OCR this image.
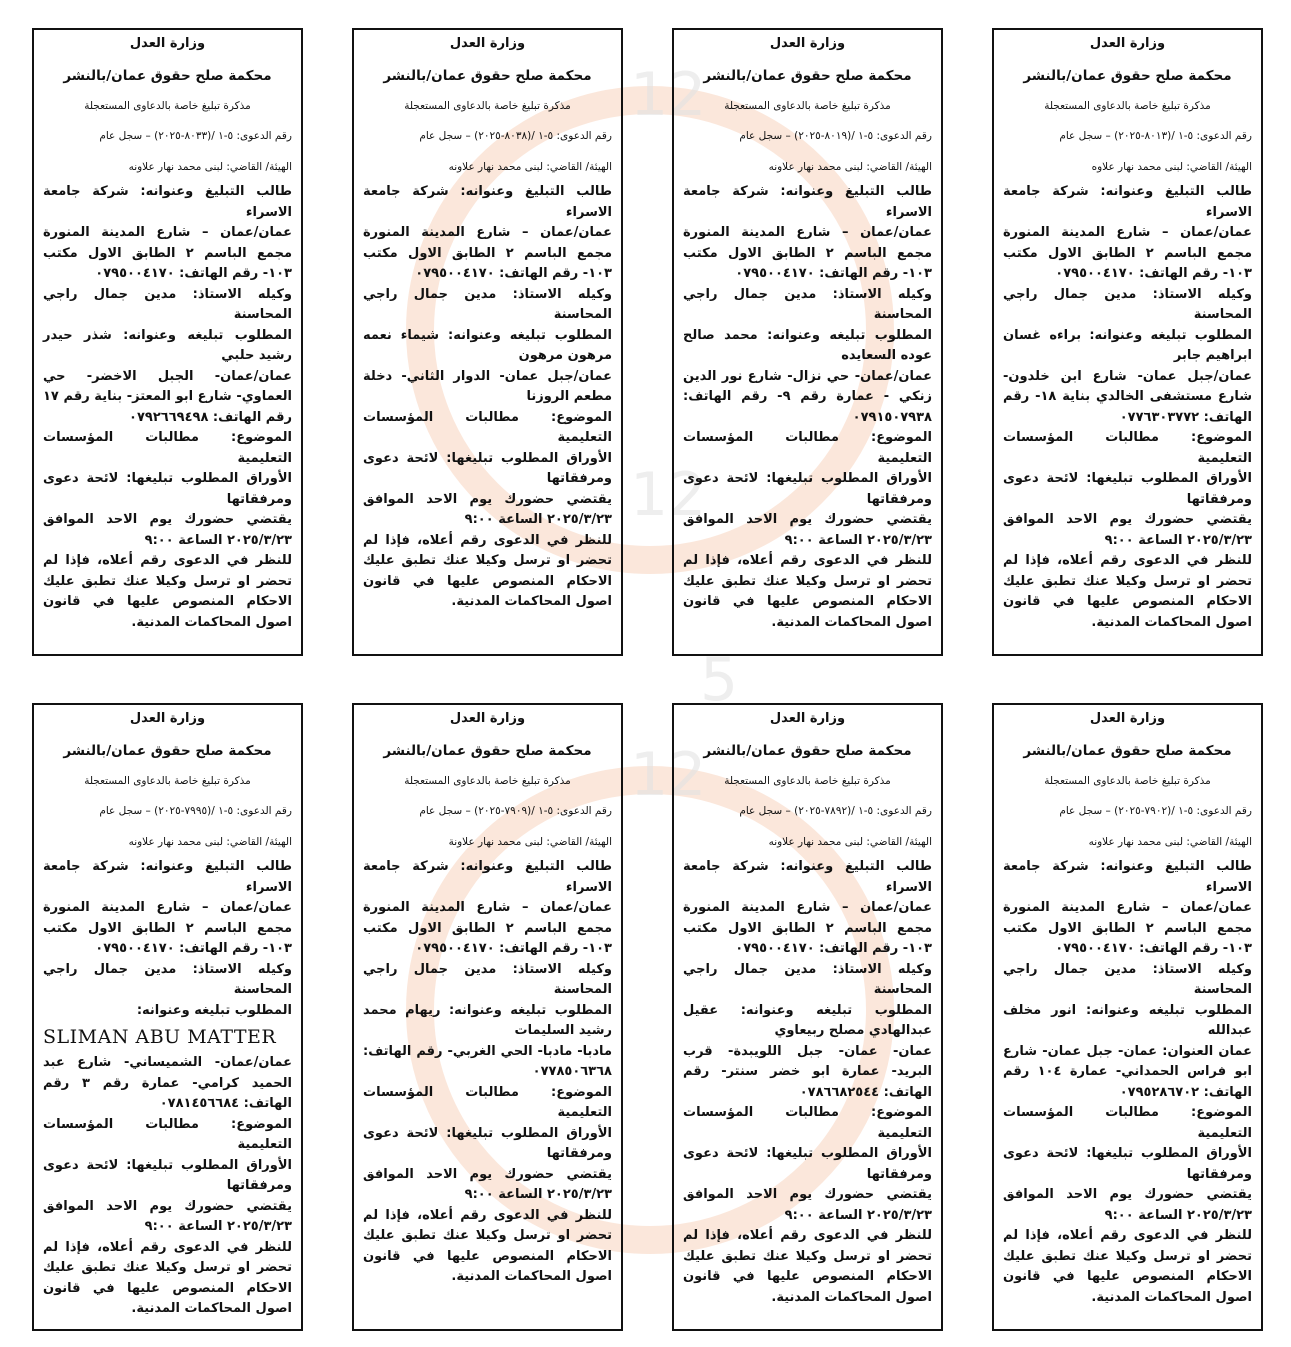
12
12
12
5
وزارة العدل
محكمة صلح حقوق عمان/بالنشر
مذكرة تبليغ خاصة بالدعاوى المستعجلة
رقم الدعوى: ٥-١ /(٨٠١٣-٢٠٢٥) – سجل عام
الهيئة/ القاضي: لبنى محمد نهار علاوه

طالب التبليغ وعنوانه: شركة جامعة الاسراء

عمان/عمان – شارع المدينة المنورة مجمع الباسم ٢ الطابق الاول مكتب ١٠٣- رقم الهاتف: ٠٧٩٥٠٠٤١٧٠

وكيله الاستاذ: مدين جمال راجي المحاسنة

المطلوب تبليغه وعنوانه: براءه غسان ابراهيم جابر

عمان/جبل عمان- شارع ابن خلدون- شارع مستشفى الخالدي بناية ١٨- رقم الهاتف: ٠٧٧٦٣٠٣٧٧٢

الموضوع: مطالبات المؤسسات التعليمية

الأوراق المطلوب تبليغها: لائحة دعوى ومرفقاتها

يقتضي حضورك يوم الاحد الموافق ٢٠٢٥/٣/٢٣ الساعة ٩:٠٠

للنظر في الدعوى رقم أعلاه، فإذا لم تحضر او ترسل وكيلا عنك تطبق عليك الاحكام المنصوص عليها في قانون اصول المحاكمات المدنية.

وزارة العدل
محكمة صلح حقوق عمان/بالنشر
مذكرة تبليغ خاصة بالدعاوى المستعجلة
رقم الدعوى: ٥-١ /(٨٠١٩-٢٠٢٥) – سجل عام
الهيئة/ القاضي: لبنى محمد نهار علاونه

طالب التبليغ وعنوانه: شركة جامعة الاسراء

عمان/عمان – شارع المدينة المنورة مجمع الباسم ٢ الطابق الاول مكتب ١٠٣- رقم الهاتف: ٠٧٩٥٠٠٤١٧٠

وكيله الاستاذ: مدين جمال راجي المحاسنة

المطلوب تبليغه وعنوانه: محمد صالح عوده السعايده

عمان/عمان- حي نزال- شارع نور الدين زنكي - عمارة رقم ٩- رقم الهاتف: ٠٧٩١٥٠٧٩٣٨

الموضوع: مطالبات المؤسسات التعليمية

الأوراق المطلوب تبليغها: لائحة دعوى ومرفقاتها

يقتضي حضورك يوم الاحد الموافق ٢٠٢٥/٣/٢٣ الساعة ٩:٠٠

للنظر في الدعوى رقم أعلاه، فإذا لم تحضر او ترسل وكيلا عنك تطبق عليك الاحكام المنصوص عليها في قانون اصول المحاكمات المدنية.

وزارة العدل
محكمة صلح حقوق عمان/بالنشر
مذكرة تبليغ خاصة بالدعاوى المستعجلة
رقم الدعوى: ٥-١ /(٨٠٣٨-٢٠٢٥) – سجل عام
الهيئة/ القاضي: لبنى محمد نهار علاونه

طالب التبليغ وعنوانه: شركة جامعة الاسراء

عمان/عمان – شارع المدينة المنورة مجمع الباسم ٢ الطابق الاول مكتب ١٠٣- رقم الهاتف: ٠٧٩٥٠٠٤١٧٠

وكيله الاستاذ: مدين جمال راجي المحاسنة

المطلوب تبليغه وعنوانه: شيماء نعمه مرهون مرهون

عمان/جبل عمان- الدوار الثاني- دخلة مطعم الروزنا

الموضوع: مطالبات المؤسسات التعليمية

الأوراق المطلوب تبليغها: لائحة دعوى ومرفقاتها

يقتضي حضورك يوم الاحد الموافق ٢٠٢٥/٣/٢٣ الساعة ٩:٠٠

للنظر في الدعوى رقم أعلاه، فإذا لم تحضر او ترسل وكيلا عنك تطبق عليك الاحكام المنصوص عليها في قانون اصول المحاكمات المدنية.

وزارة العدل
محكمة صلح حقوق عمان/بالنشر
مذكرة تبليغ خاصة بالدعاوى المستعجلة
رقم الدعوى: ٥-١ /(٨٠٣٣-٢٠٢٥) – سجل عام
الهيئة/ القاضي: لبنى محمد نهار علاونه

طالب التبليغ وعنوانه: شركة جامعة الاسراء

عمان/عمان – شارع المدينة المنورة مجمع الباسم ٢ الطابق الاول مكتب ١٠٣- رقم الهاتف: ٠٧٩٥٠٠٤١٧٠

وكيله الاستاذ: مدين جمال راجي المحاسنة

المطلوب تبليغه وعنوانه: شذر حيدر رشيد حلبي

عمان/عمان- الجبل الاخضر- حي العماوي- شارع ابو المعتز- بناية رقم ١٧ رقم الهاتف: ٠٧٩٢٦٦٩٤٩٨

الموضوع: مطالبات المؤسسات التعليمية

الأوراق المطلوب تبليغها: لائحة دعوى ومرفقاتها

يقتضي حضورك يوم الاحد الموافق ٢٠٢٥/٣/٢٣ الساعة ٩:٠٠

للنظر في الدعوى رقم أعلاه، فإذا لم تحضر او ترسل وكيلا عنك تطبق عليك الاحكام المنصوص عليها في قانون اصول المحاكمات المدنية.

وزارة العدل
محكمة صلح حقوق عمان/بالنشر
مذكرة تبليغ خاصة بالدعاوى المستعجلة
رقم الدعوى: ٥-١ /(٧٩٠٢-٢٠٢٥) – سجل عام
الهيئة/ القاضي: لبنى محمد نهار علاونه

طالب التبليغ وعنوانه: شركة جامعة الاسراء

عمان/عمان – شارع المدينة المنورة مجمع الباسم ٢ الطابق الاول مكتب ١٠٣- رقم الهاتف: ٠٧٩٥٠٠٤١٧٠

وكيله الاستاذ: مدين جمال راجي المحاسنة

المطلوب تبليغه وعنوانه: انور مخلف عبدالله

عمان العنوان: عمان- جبل عمان- شارع ابو فراس الحمداني- عمارة ١٠٤ رقم الهاتف: ٠٧٩٥٢٨٦٧٠٢

الموضوع: مطالبات المؤسسات التعليمية

الأوراق المطلوب تبليغها: لائحة دعوى ومرفقاتها

يقتضي حضورك يوم الاحد الموافق ٢٠٢٥/٣/٢٣ الساعة ٩:٠٠

للنظر في الدعوى رقم أعلاه، فإذا لم تحضر او ترسل وكيلا عنك تطبق عليك الاحكام المنصوص عليها في قانون اصول المحاكمات المدنية.

وزارة العدل
محكمة صلح حقوق عمان/بالنشر
مذكرة تبليغ خاصة بالدعاوى المستعجلة
رقم الدعوى: ٥-١ /(٧٨٩٢-٢٠٢٥) – سجل عام
الهيئة/ القاضي: لبنى محمد نهار علاونه

طالب التبليغ وعنوانه: شركة جامعة الاسراء

عمان/عمان – شارع المدينة المنورة مجمع الباسم ٢ الطابق الاول مكتب ١٠٣- رقم الهاتف: ٠٧٩٥٠٠٤١٧٠

وكيله الاستاذ: مدين جمال راجي المحاسنة

المطلوب تبليغه وعنوانه: عقيل عبدالهادي مصلح ربيعاوي

عمان- عمان- جبل اللويبدة- قرب البريد- عمارة ابو خضر سنتر- رقم الهاتف: ٠٧٨٦٦٨٢٥٤٤

الموضوع: مطالبات المؤسسات التعليمية

الأوراق المطلوب تبليغها: لائحة دعوى ومرفقاتها

يقتضي حضورك يوم الاحد الموافق ٢٠٢٥/٣/٢٣ الساعة ٩:٠٠

للنظر في الدعوى رقم أعلاه، فإذا لم تحضر او ترسل وكيلا عنك تطبق عليك الاحكام المنصوص عليها في قانون اصول المحاكمات المدنية.

وزارة العدل
محكمة صلح حقوق عمان/بالنشر
مذكرة تبليغ خاصة بالدعاوى المستعجلة
رقم الدعوى: ٥-١ /(٧٩٠٩-٢٠٢٥) – سجل عام
الهيئة/ القاضي: لبنى محمد نهار علاونة

طالب التبليغ وعنوانه: شركة جامعة الاسراء

عمان/عمان – شارع المدينة المنورة مجمع الباسم ٢ الطابق الاول مكتب ١٠٣- رقم الهاتف: ٠٧٩٥٠٠٤١٧٠

وكيله الاستاذ: مدين جمال راجي المحاسنة

المطلوب تبليغه وعنوانه: ريهام محمد رشيد السليمات

مادبا- مادبا- الحي الغربي- رقم الهاتف: ٠٧٧٨٥٠٦٣٦٨

الموضوع: مطالبات المؤسسات التعليمية

الأوراق المطلوب تبليغها: لائحة دعوى ومرفقاتها

يقتضي حضورك يوم الاحد الموافق ٢٠٢٥/٣/٢٣ الساعة ٩:٠٠

للنظر في الدعوى رقم أعلاه، فإذا لم تحضر او ترسل وكيلا عنك تطبق عليك الاحكام المنصوص عليها في قانون اصول المحاكمات المدنية.

وزارة العدل
محكمة صلح حقوق عمان/بالنشر
مذكرة تبليغ خاصة بالدعاوى المستعجلة
رقم الدعوى: ٥-١ /(٧٩٩٥-٢٠٢٥) – سجل عام
الهيئة/ القاضي: لبنى محمد نهار علاونه

طالب التبليغ وعنوانه: شركة جامعة الاسراء

عمان/عمان – شارع المدينة المنورة مجمع الباسم ٢ الطابق الاول مكتب ١٠٣- رقم الهاتف: ٠٧٩٥٠٠٤١٧٠

وكيله الاستاذ: مدين جمال راجي المحاسنة

المطلوب تبليغه وعنوانه:

SLIMAN ABU MATTER

عمان/عمان- الشميساني- شارع عبد الحميد كرامي- عمارة رقم ٣ رقم الهاتف: ٠٧٨١٤٥٦٦٨٤

الموضوع: مطالبات المؤسسات التعليمية

الأوراق المطلوب تبليغها: لائحة دعوى ومرفقاتها

يقتضي حضورك يوم الاحد الموافق ٢٠٢٥/٣/٢٣ الساعة ٩:٠٠

للنظر في الدعوى رقم أعلاه، فإذا لم تحضر او ترسل وكيلا عنك تطبق عليك الاحكام المنصوص عليها في قانون اصول المحاكمات المدنية.
